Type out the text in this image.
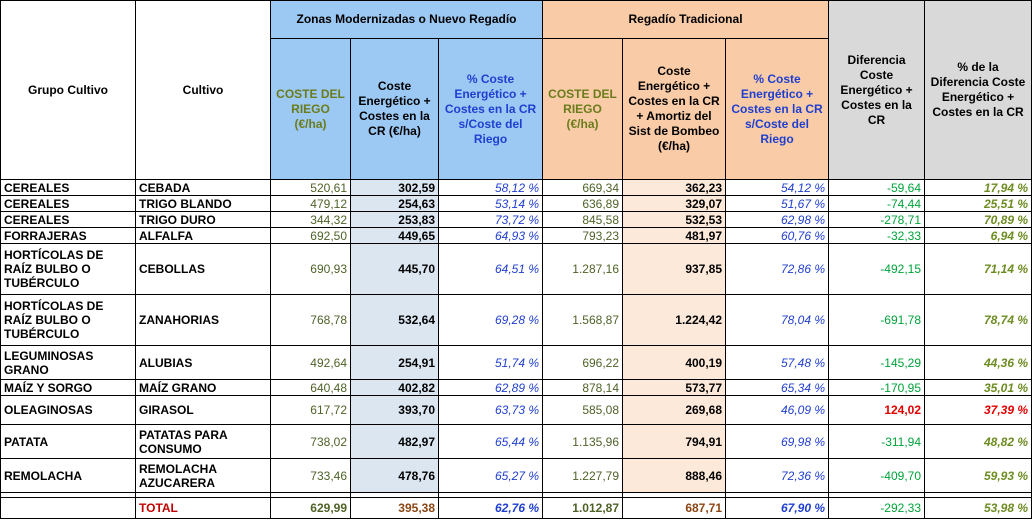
Grupo Cultivo	Cultivo	Zonas Modernizadas o Nuevo Regadío			Regadío Tradicional			Diferencia Coste Energético + Costes en la CR	% de la Diferencia Coste Energético + Costes en la CR
		COSTE DEL RIEGO (€/ha)	Coste Energético + Costes en la CR (€/ha)	% Coste Energético + Costes en la CR s/Coste del Riego	COSTE DEL RIEGO (€/ha)	Coste Energético + Costes en la CR + Amortiz del Sist de Bombeo (€/ha)	% Coste Energético + Costes en la CR s/Coste del Riego		
CEREALES	CEBADA	520,61	302,59	58,12 %	669,34	362,23	54,12 %	-59,64	17,94 %
CEREALES	TRIGO BLANDO	479,12	254,63	53,14 %	636,89	329,07	51,67 %	-74,44	25,51 %
CEREALES	TRIGO DURO	344,32	253,83	73,72 %	845,58	532,53	62,98 %	-278,71	70,89 %
FORRAJERAS	ALFALFA	692,50	449,65	64,93 %	793,23	481,97	60,76 %	-32,33	6,94 %
HORTÍCOLAS DE RAÍZ BULBO O TUBÉRCULO	CEBOLLAS	690,93	445,70	64,51 %	1.287,16	937,85	72,86 %	-492,15	71,14 %
HORTÍCOLAS DE RAÍZ BULBO O TUBÉRCULO	ZANAHORIAS	768,78	532,64	69,28 %	1.568,87	1.224,42	78,04 %	-691,78	78,74 %
LEGUMINOSAS GRANO	ALUBIAS	492,64	254,91	51,74 %	696,22	400,19	57,48 %	-145,29	44,36 %
MAÍZ Y SORGO	MAÍZ GRANO	640,48	402,82	62,89 %	878,14	573,77	65,34 %	-170,95	35,01 %
OLEAGINOSAS	GIRASOL	617,72	393,70	63,73 %	585,08	269,68	46,09 %	124,02	37,39 %
PATATA	PATATAS PARA CONSUMO	738,02	482,97	65,44 %	1.135,96	794,91	69,98 %	-311,94	48,82 %
REMOLACHA	REMOLACHA AZUCARERA	733,46	478,76	65,27 %	1.227,79	888,46	72,36 %	-409,70	59,93 %

	TOTAL	629,99	395,38	62,76 %	1.012,87	687,71	67,90 %	-292,33	53,98 %
